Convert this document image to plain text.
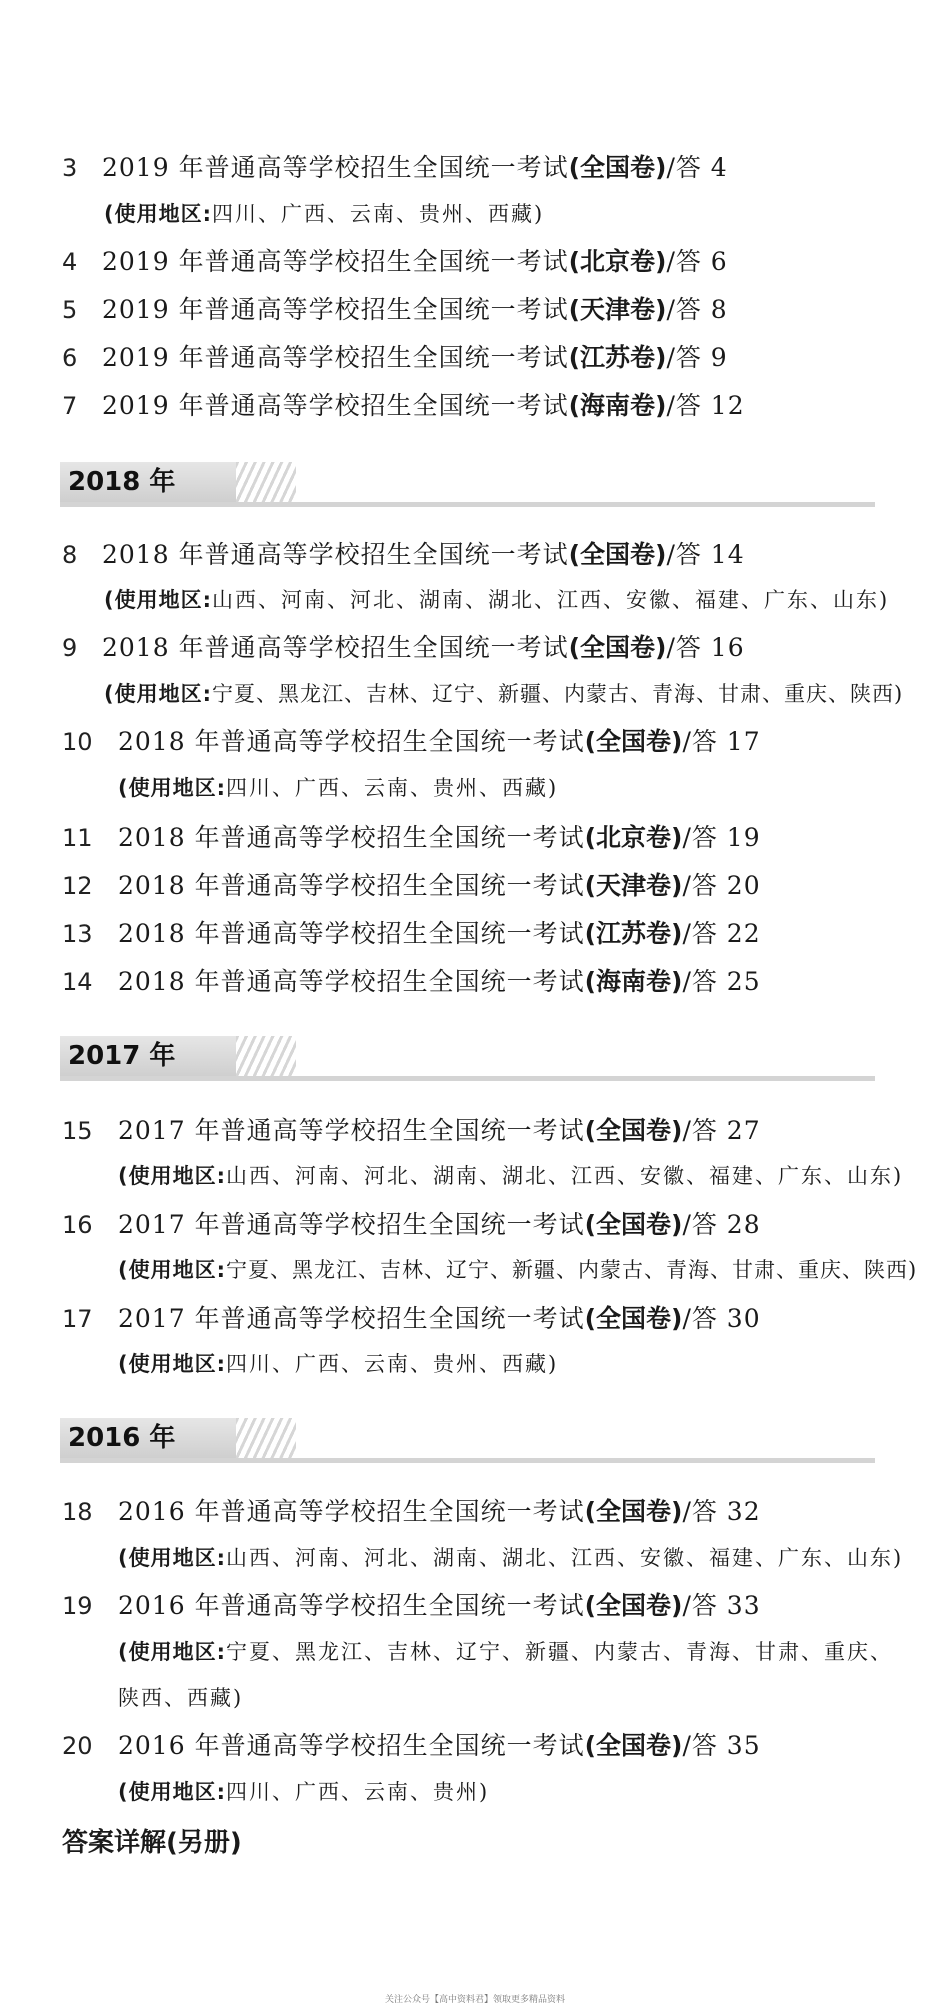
3 2019 年普通高等学校招生全国统一考试(全国卷)/答 4
(使用地区:四川、广西、云南、贵州、西藏)
4 2019 年普通高等学校招生全国统一考试(北京卷)/答 6
5 2019 年普通高等学校招生全国统一考试(天津卷)/答 8
6 2019 年普通高等学校招生全国统一考试(江苏卷)/答 9
7 2019 年普通高等学校招生全国统一考试(海南卷)/答 12
2018 年
8 2018 年普通高等学校招生全国统一考试(全国卷)/答 14
(使用地区:山西、河南、河北、湖南、湖北、江西、安徽、福建、广东、山东)
9 2018 年普通高等学校招生全国统一考试(全国卷)/答 16
(使用地区:宁夏、黑龙江、吉林、辽宁、新疆、内蒙古、青海、甘肃、重庆、陕西)
10 2018 年普通高等学校招生全国统一考试(全国卷)/答 17
(使用地区:四川、广西、云南、贵州、西藏)
11 2018 年普通高等学校招生全国统一考试(北京卷)/答 19
12 2018 年普通高等学校招生全国统一考试(天津卷)/答 20
13 2018 年普通高等学校招生全国统一考试(江苏卷)/答 22
14 2018 年普通高等学校招生全国统一考试(海南卷)/答 25
2017 年
15 2017 年普通高等学校招生全国统一考试(全国卷)/答 27
(使用地区:山西、河南、河北、湖南、湖北、江西、安徽、福建、广东、山东)
16 2017 年普通高等学校招生全国统一考试(全国卷)/答 28
(使用地区:宁夏、黑龙江、吉林、辽宁、新疆、内蒙古、青海、甘肃、重庆、陕西)
17 2017 年普通高等学校招生全国统一考试(全国卷)/答 30
(使用地区:四川、广西、云南、贵州、西藏)
2016 年
18 2016 年普通高等学校招生全国统一考试(全国卷)/答 32
(使用地区:山西、河南、河北、湖南、湖北、江西、安徽、福建、广东、山东)
19 2016 年普通高等学校招生全国统一考试(全国卷)/答 33
(使用地区:宁夏、黑龙江、吉林、辽宁、新疆、内蒙古、青海、甘肃、重庆、
陕西、西藏)
20 2016 年普通高等学校招生全国统一考试(全国卷)/答 35
(使用地区:四川、广西、云南、贵州)
答案详解(另册)
关注公众号【高中资料君】领取更多精品资料
